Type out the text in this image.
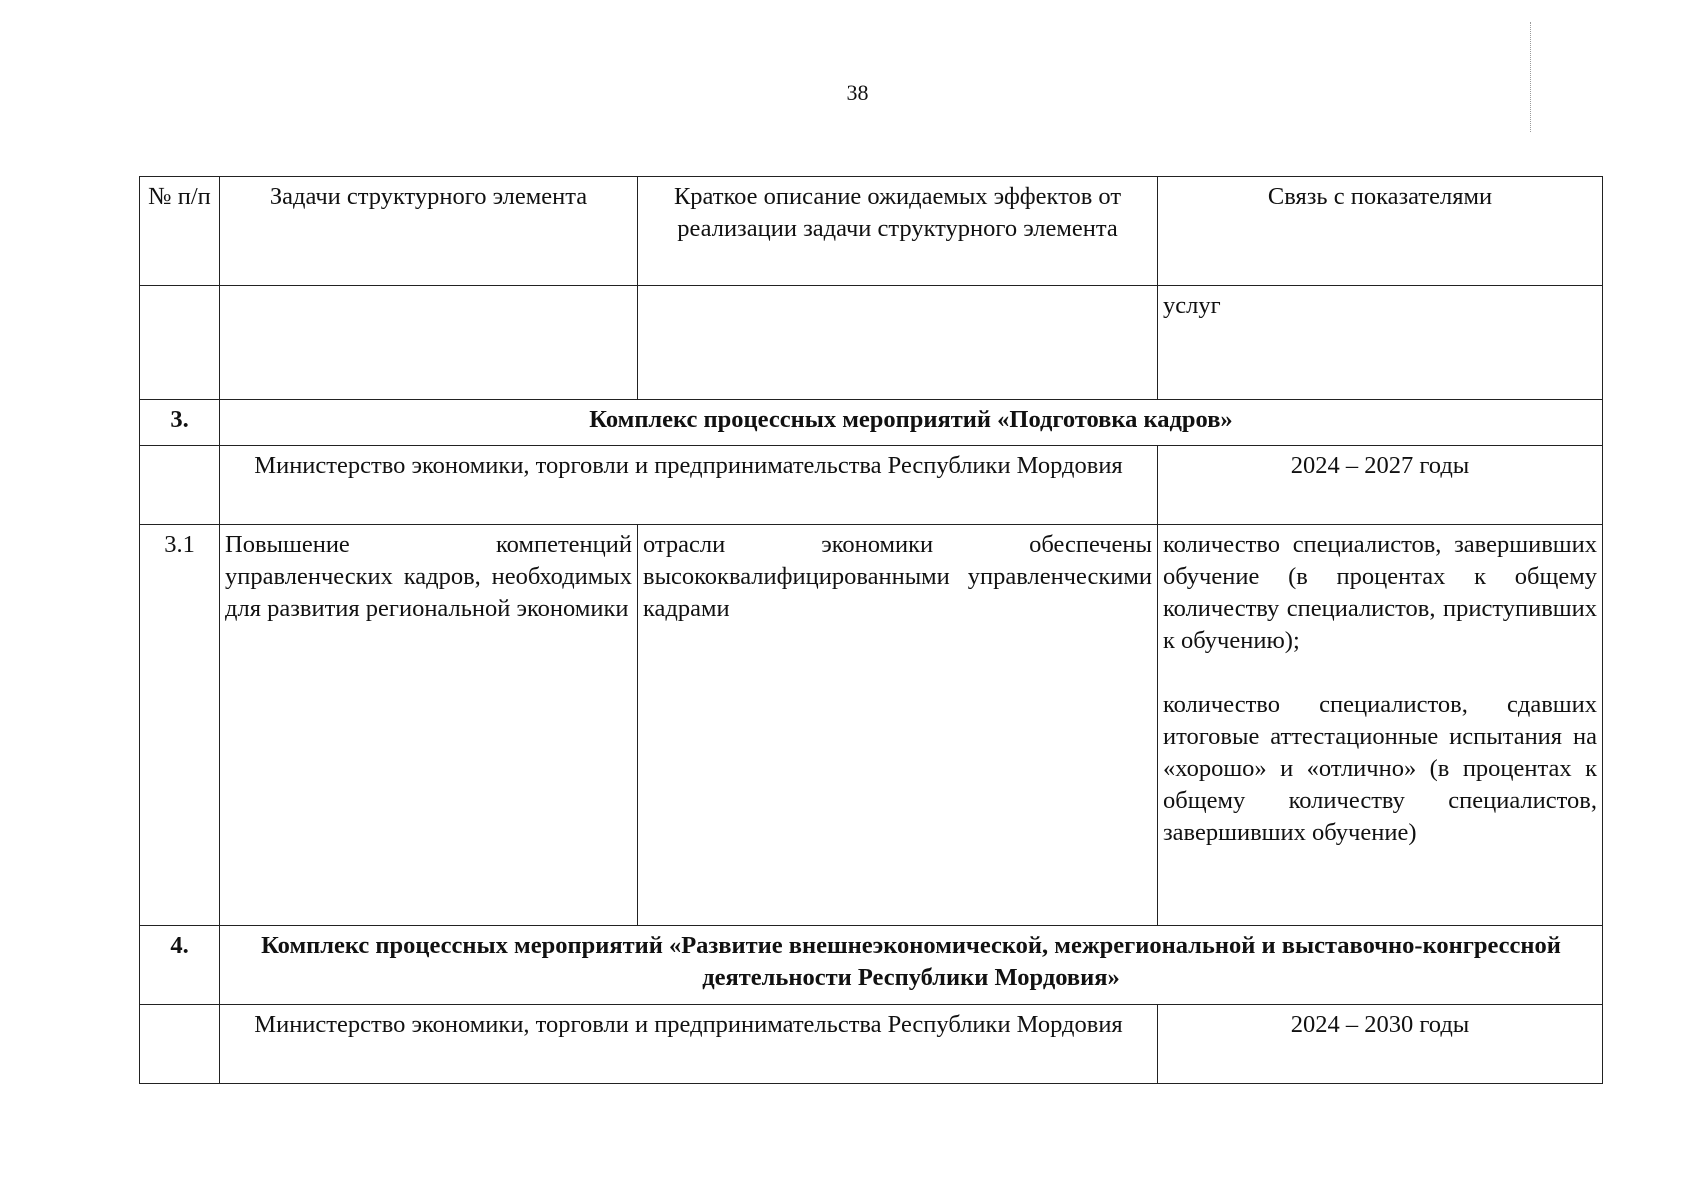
38
№ п/п	Задачи структурного элемента	Краткое описание ожидаемых эффектов от реализации задачи структурного элемента	Связь с показателями
			услуг
3.	Комплекс процессных мероприятий «Подготовка кадров»		
	Министерство экономики, торговли и предпринимательства Республики Мордовия		2024 – 2027 годы
3.1	Повышение компетенций управленческих кадров, необходимых для развития региональной экономики	отрасли экономики обеспечены высококвалифицированными управленческими кадрами	количество специалистов, завершивших обучение (в процентах к общему количеству специалистов, приступивших к обучению);
количество специалистов, сдавших итоговые аттестационные испытания на «хорошо» и «отлично» (в процентах к общему количеству специалистов, завершивших обучение)

4.	Комплекс процессных мероприятий «Развитие внешнеэкономической, межрегиональной и выставочно-конгрессной деятельности Республики Мордовия»		
	Министерство экономики, торговли и предпринимательства Республики Мордовия		2024 – 2030 годы
